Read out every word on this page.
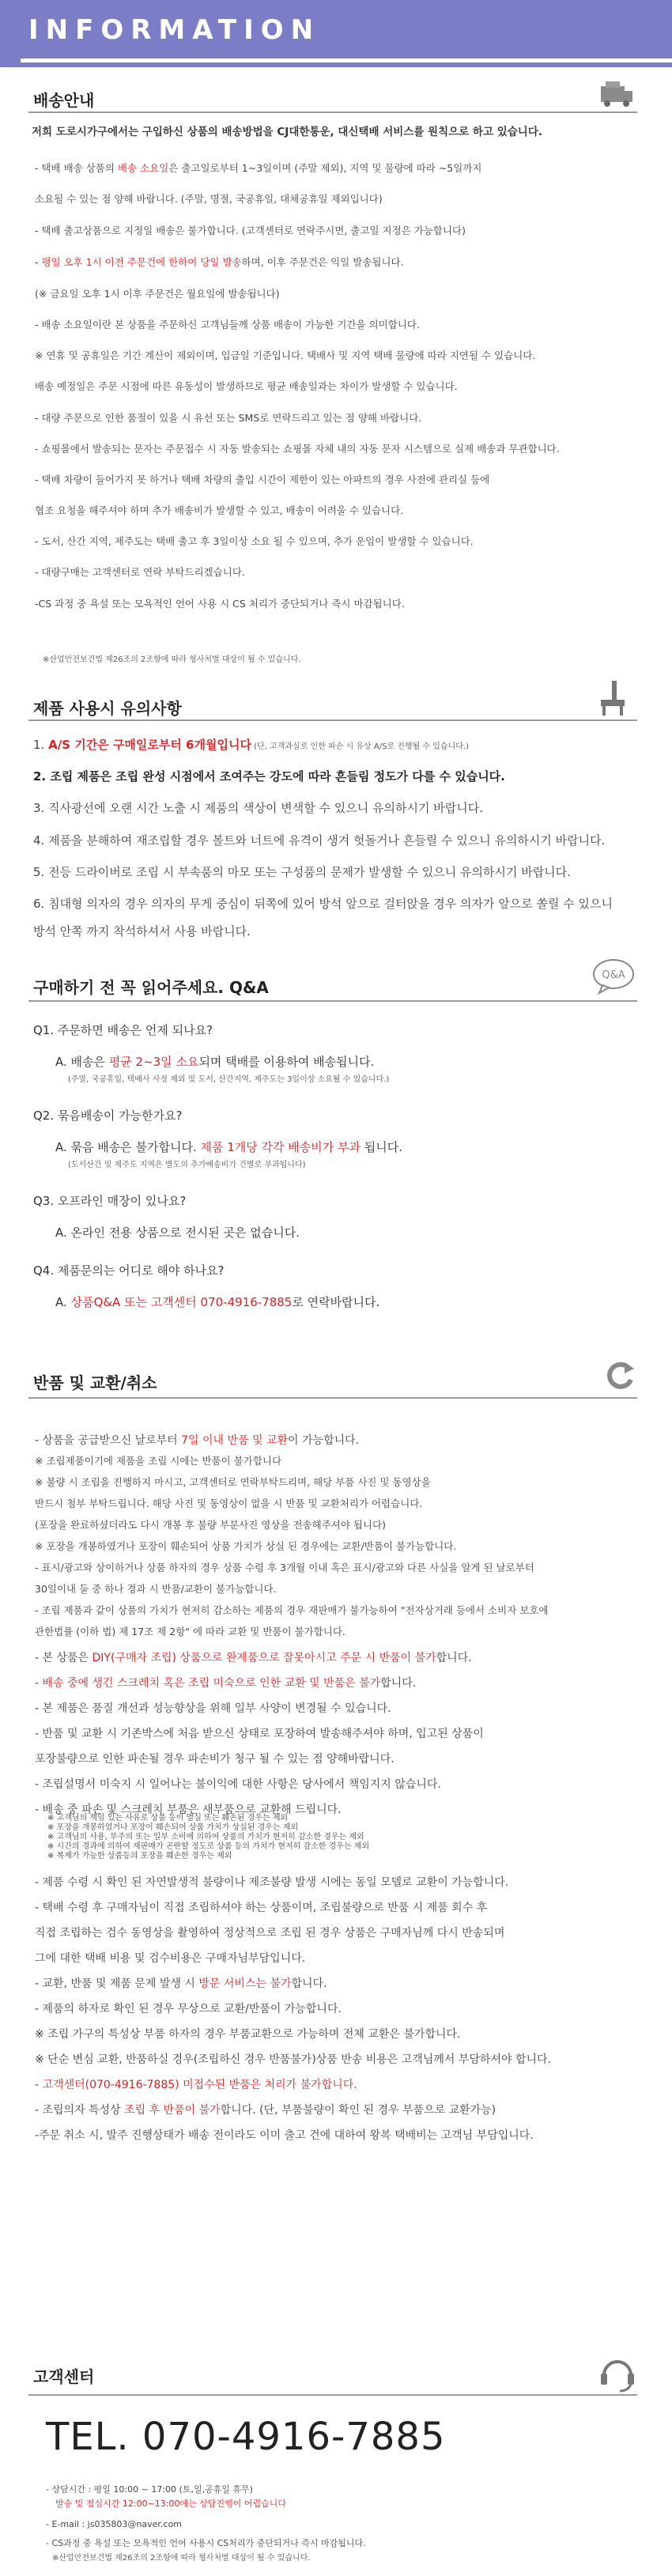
INFORMATION
배송안내
저희 도로시가구에서는 구입하신 상품의 배송방법을 CJ대한통운, 대신택배 서비스를 원칙으로 하고 있습니다.
- 택배 배송 상품의 배송 소요일은 출고일로부터 1~3일이며 (주말 제외), 지역 및 물량에 따라 ~5일까지
소요될 수 있는 점 양해 바랍니다. (주말, 명절, 국공휴일, 대체공휴일 제외입니다)
- 택배 출고상품으로 지정일 배송은 불가합니다. (고객센터로 연락주시면, 출고일 지정은 가능합니다)
- 평일 오후 1시 이전 주문건에 한하여 당일 발송하며, 이후 주문건은 익일 발송됩니다.
(※ 금요일 오후 1시 이후 주문건은 월요일에 발송됩니다)
- 배송 소요일이란 본 상품을 주문하신 고객님들께 상품 배송이 가능한 기간을 의미합니다.
※ 연휴 및 공휴일은 기간 계산이 제외이며, 입금일 기준입니다. 택배사 및 지역 택배 물량에 따라 지연될 수 있습니다.
배송 예정일은 주문 시점에 따른 유동성이 발생하므로 평균 배송일과는 차이가 발생할 수 있습니다.
- 대량 주문으로 인한 품절이 있을 시 유선 또는 SMS로 연락드리고 있는 점 양해 바랍니다.
- 쇼핑몰에서 발송되는 문자는 주문접수 시 자동 발송되는 쇼핑몰 자체 내의 자동 문자 시스템으로 실제 배송과 무관합니다.
- 택배 차량이 들어가지 못 하거나 택배 차량의 출입 시간이 제한이 있는 아파트의 경우 사전에 관리실 등에
협조 요청을 해주셔야 하며 추가 배송비가 발생할 수 있고, 배송이 어려울 수 있습니다.
- 도서, 산간 지역, 제주도는 택배 출고 후 3일이상 소요 될 수 있으며, 추가 운임이 발생할 수 있습니다.
- 대량구매는 고객센터로 연락 부탁드리겠습니다.
-CS 과정 중 욕설 또는 모욕적인 언어 사용 시 CS 처리가 중단되거나 즉시 마감됩니다.
※산업안전보건법 제26조의 2조항에 따라 형사처벌 대상이 될 수 있습니다.
제품 사용시 유의사항
1. A/S 기간은 구매일로부터 6개월입니다 (단, 고객과실로 인한 파손 시 유상 A/S로 진행될 수 있습니다.)
2. 조립 제품은 조립 완성 시점에서 조여주는 강도에 따라 흔들림 정도가 다를 수 있습니다.
3. 직사광선에 오랜 시간 노출 시 제품의 색상이 변색할 수 있으니 유의하시기 바랍니다.
4. 제품을 분해하여 재조립할 경우 볼트와 너트에 유격이 생겨 헛돌거나 흔들릴 수 있으니 유의하시기 바랍니다.
5. 전등 드라이버로 조립 시 부속품의 마모 또는 구성품의 문제가 발생할 수 있으니 유의하시기 바랍니다.
6. 침대형 의자의 경우 의자의 무게 중심이 뒤쪽에 있어 방석 앞으로 걸터앉을 경우 의자가 앞으로 쏠릴 수 있으니
방석 안쪽 까지 착석하셔서 사용 바랍니다.
구매하기 전 꼭 읽어주세요. Q&A
Q&A
Q1. 주문하면 배송은 언제 되나요?
A. 배송은 평균 2~3일 소요되며 택배를 이용하여 배송됩니다.
(주말, 국공휴일, 택배사 사정 제외 및 도서, 산간지역, 제주도는 3일이상 소요될 수 있습니다.)
Q2. 묶음배송이 가능한가요?
A. 묶음 배송은 불가합니다. 제품 1개당 각각 배송비가 부과 됩니다.
(도서산간 및 제주도 지역은 별도의 추가배송비가 건별로 부과됩니다)
Q3. 오프라인 매장이 있나요?
A. 온라인 전용 상품으로 전시된 곳은 없습니다.
Q4. 제품문의는 어디로 해야 하나요?
A. 상품Q&A 또는 고객센터 070-4916-7885로 연락바랍니다.
반품 및 교환/취소
- 상품을 공급받으신 날로부터 7일 이내 반품 및 교환이 가능합니다.
※ 조립제품이기에 제품을 조립 시에는 반품이 불가합니다
※ 불량 시 조립을 진행하지 마시고, 고객센터로 연락부탁드리며, 해당 부품 사진 및 동영상을
반드시 첨부 부탁드립니다. 해당 사진 및 동영상이 없을 시 반품 및 교환처리가 어렵습니다.
(포장을 완료하셨더라도 다시 개봉 후 불량 부분사진 영상을 전송해주셔야 됩니다)
※ 포장을 개봉하였거나 포장이 훼손되어 상품 가치가 상실 된 경우에는 교환/반품이 불가능합니다.
- 표시/광고와 상이하거나 상품 하자의 경우 상품 수령 후 3개월 이내 혹은 표시/광고와 다른 사실을 알게 된 날로부터
30일이내 둘 중 하나 경과 시 반품/교환이 불가능합니다.
- 조립 제품과 같이 상품의 가치가 현저히 감소하는 제품의 경우 재판매가 불가능하여 "전자상거래 등에서 소비자 보호에
관한법률 (이하 법) 제 17조 제 2항" 에 따라 교환 및 반품이 불가합니다.
- 본 상품은 DIY(구매자 조립) 상품으로 완제품으로 잘못아시고 주문 시 반품이 불가합니다.
- 배송 중에 생긴 스크레치 혹은 조립 미숙으로 인한 교환 및 반품은 불가합니다.
- 본 제품은 품질 개선과 성능향상을 위해 일부 사양이 변경될 수 있습니다.
- 반품 및 교환 시 기존박스에 처음 받으신 상태로 포장하여 발송해주셔야 하며, 입고된 상품이
포장불량으로 인한 파손될 경우 파손비가 청구 될 수 있는 점 양해바랍니다.
- 조립설명서 미숙지 시 일어나는 불이익에 대한 사항은 당사에서 책임지지 않습니다.
- 배송 중 파손 및 스크레치 부품은 새부품으로 교환해 드립니다.
※ 고객님의 책임 있는 사유로 상품 등이 멸실 또는 훼손된 경우는 제외
※ 포장을 개봉하였거나 포장이 훼손되어 상품 가치가 상실된 경우는 제외
※ 고객님의 사용, 부주의 또는 일부 소비에 의하여 상품의 가치가 현저히 감소한 경우는 제외
※ 시간의 경과에 의하여 재판매가 곤란할 정도로 상품 등의 가치가 현저히 감소한 경우는 제외
※ 복제가 가능한 상품등의 포장을 훼손한 경우는 제외
- 제품 수령 시 확인 된 자연발생적 불량이나 제조불량 발생 시에는 동일 모델로 교환이 가능합니다.
- 택배 수령 후 구매자님이 직접 조립하셔야 하는 상품이며, 조립불량으로 반품 시 제품 회수 후
직접 조립하는 검수 동영상을 촬영하여 정상적으로 조립 된 경우 상품은 구매자님께 다시 반송되며
그에 대한 택배 비용 및 검수비용은 구매자님부담입니다.
- 교환, 반품 및 제품 문제 발생 시 방문 서비스는 불가합니다.
- 제품의 하자로 확인 된 경우 무상으로 교환/반품이 가능합니다.
※ 조립 가구의 특성상 부품 하자의 경우 부품교환으로 가능하며 전체 교환은 불가합니다.
※ 단순 변심 교환, 반품하실 경우(조립하신 경우 반품불가)상품 반송 비용은 고객님께서 부담하셔야 합니다.
- 고객센터(070-4916-7885) 미접수된 반품은 처리가 불가합니다.
- 조립의자 특성상 조립 후 반품이 불가합니다. (단, 부품불량이 확인 된 경우 부품으로 교환가능)
-주문 취소 시, 발주 진행상태가 배송 전이라도 이미 출고 건에 대하여 왕복 택배비는 고객님 부담입니다.
고객센터
TEL. 070-4916-7885
- 상담시간 : 평일 10:00 ~ 17:00 (토,일,공휴일 휴무)
발송 및 점심시간 12:00~13:00에는 상담진행이 어렵습니다
- E-mail : js035803@naver.com
- CS과정 중 욕설 또는 모욕적인 언어 사용시 CS처리가 중단되거나 즉시 마감됩니다.
※산업안전보건법 제26조의 2조항에 따라 형사처벌 대상이 될 수 있습니다.
